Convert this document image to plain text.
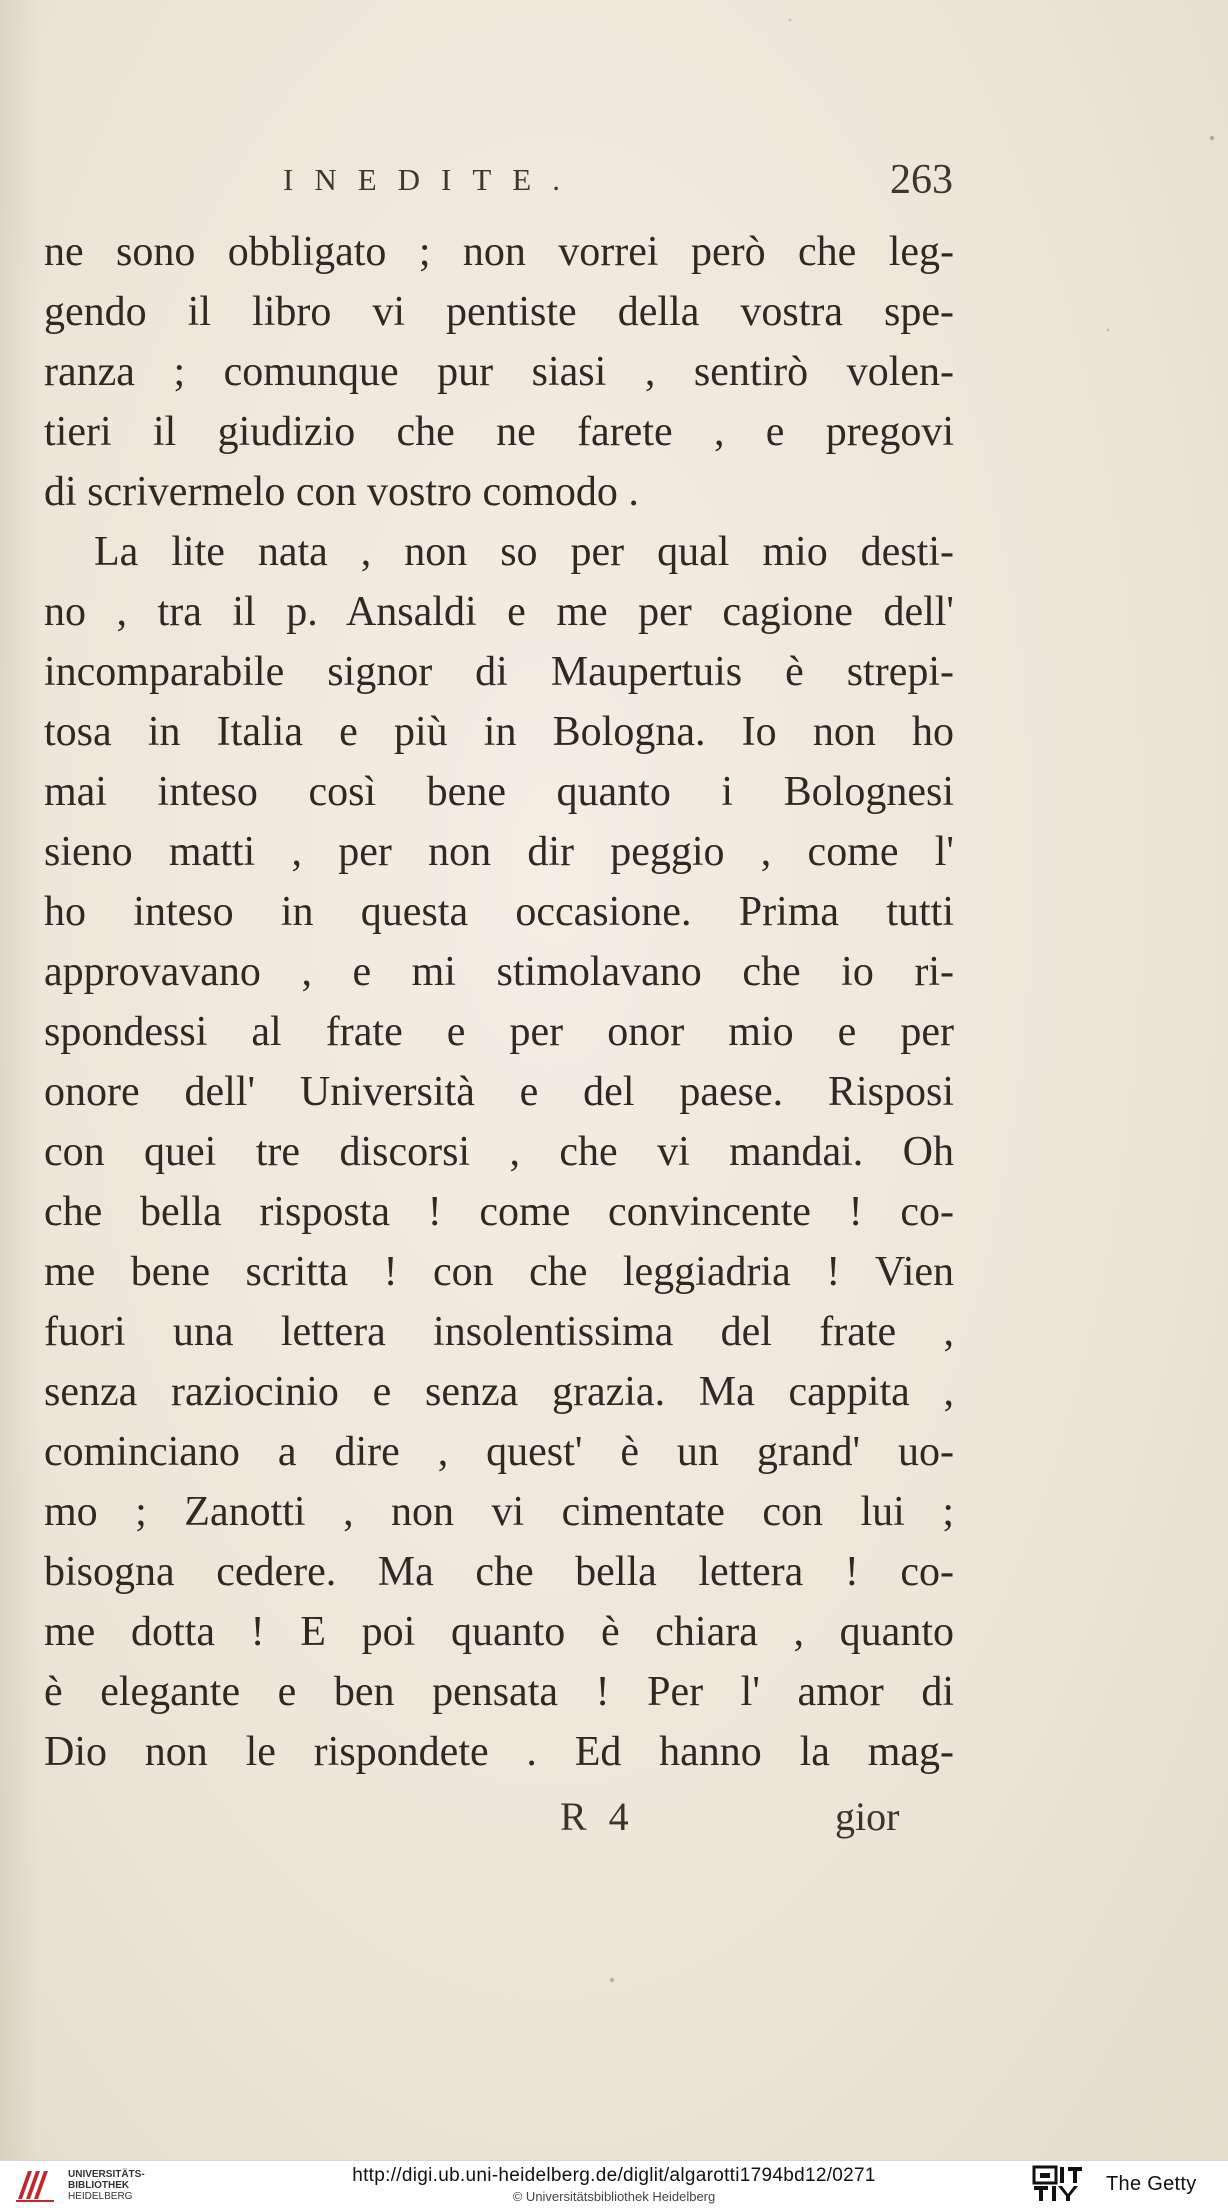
INEDITE.	263
ne sono obbligato ; non vorrei però che leg-
gendo il libro vi pentiste della vostra spe-
ranza ; comunque pur siasi , sentirò volen-
tieri il giudizio che ne farete , e pregovi
di scrivermelo con vostro comodo .
La lite nata , non so per qual mio desti-
no , tra il p. Ansaldi e me per cagione dell'
incomparabile signor di Maupertuis è strepi-
tosa in Italia e più in Bologna. Io non ho
mai inteso così bene quanto i Bolognesi
sieno matti , per non dir peggio , come l'
ho inteso in questa occasione. Prima tutti
approvavano , e mi stimolavano che io ri-
spondessi al frate e per onor mio e per
onore dell' Università e del paese. Risposi
con quei tre discorsi , che vi mandai. Oh
che bella risposta ! come convincente ! co-
me bene scritta ! con che leggiadria ! Vien
fuori una lettera insolentissima del frate ,
senza raziocinio e senza grazia. Ma cappita ,
cominciano a dire , quest' è un grand' uo-
mo ; Zanotti , non vi cimentate con lui ;
bisogna cedere. Ma che bella lettera ! co-
me dotta ! E poi quanto è chiara , quanto
è elegante e ben pensata ! Per l' amor di
Dio non le rispondete . Ed hanno la mag-
R 4	gior
UNIVERSITÄTS-
BIBLIOTHEK
HEIDELBERG
http://digi.ub.uni-heidelberg.de/diglit/algarotti1794bd12/0271
© Universitätsbibliothek Heidelberg
The Getty
